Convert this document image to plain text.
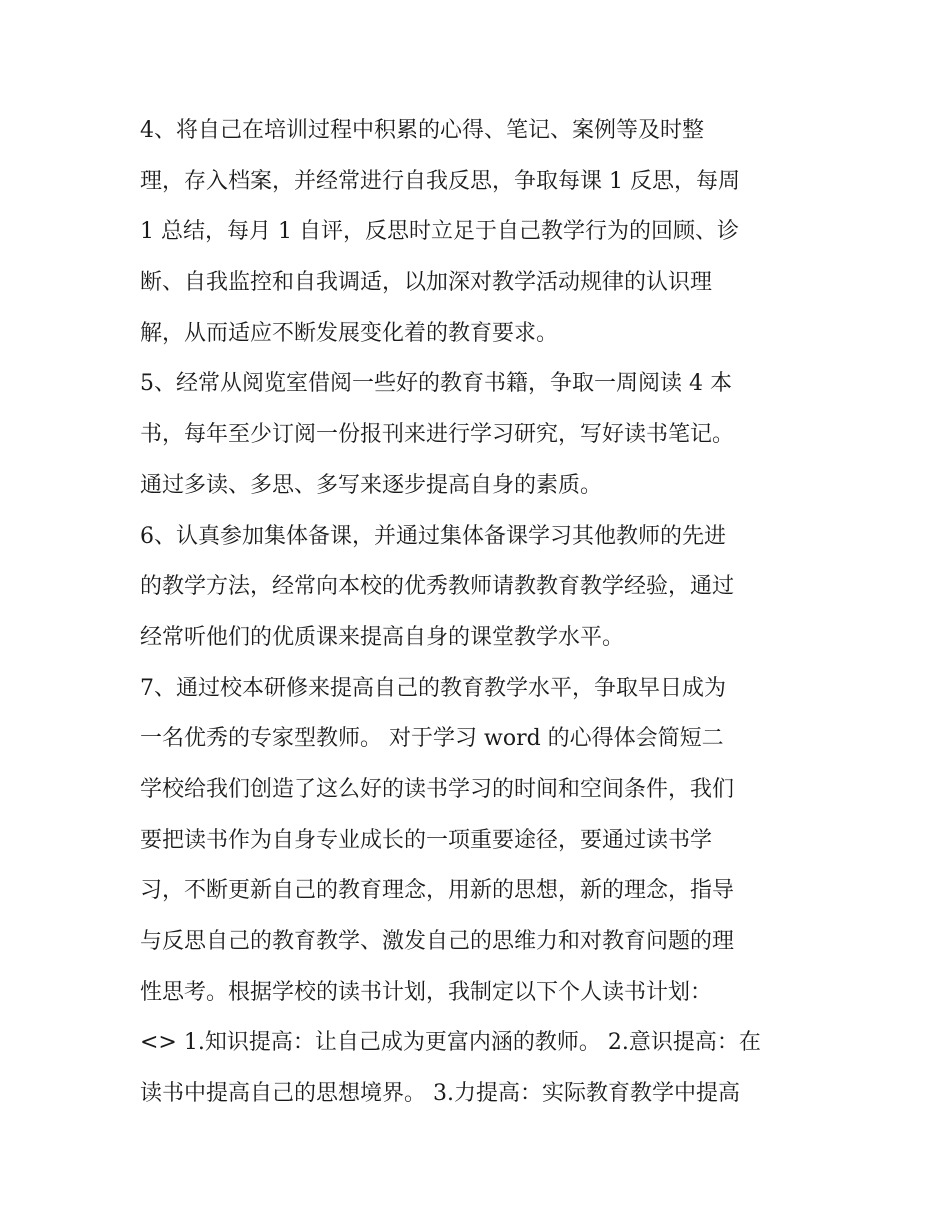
4、将自己在培训过程中积累的心得、笔记、案例等及时整
理，存入档案，并经常进行自我反思，争取每课 1 反思，每周
1 总结，每月 1 自评，反思时立足于自己教学行为的回顾、诊
断、自我监控和自我调适，以加深对教学活动规律的认识理
解，从而适应不断发展变化着的教育要求。
5、经常从阅览室借阅一些好的教育书籍，争取一周阅读 4 本
书，每年至少订阅一份报刊来进行学习研究，写好读书笔记。
通过多读、多思、多写来逐步提高自身的素质。
6、认真参加集体备课，并通过集体备课学习其他教师的先进
的教学方法，经常向本校的优秀教师请教教育教学经验，通过
经常听他们的优质课来提高自身的课堂教学水平。
7、通过校本研修来提高自己的教育教学水平，争取早日成为
一名优秀的专家型教师。 对于学习 word 的心得体会简短二
学校给我们创造了这么好的读书学习的时间和空间条件，我们
要把读书作为自身专业成长的一项重要途径，要通过读书学
习，不断更新自己的教育理念，用新的思想，新的理念，指导
与反思自己的教育教学、激发自己的思维力和对教育问题的理
性思考。根据学校的读书计划，我制定以下个人读书计划：
<> 1.知识提高：让自己成为更富内涵的教师。 2.意识提高：在
读书中提高自己的思想境界。 3.力提高：实际教育教学中提高
